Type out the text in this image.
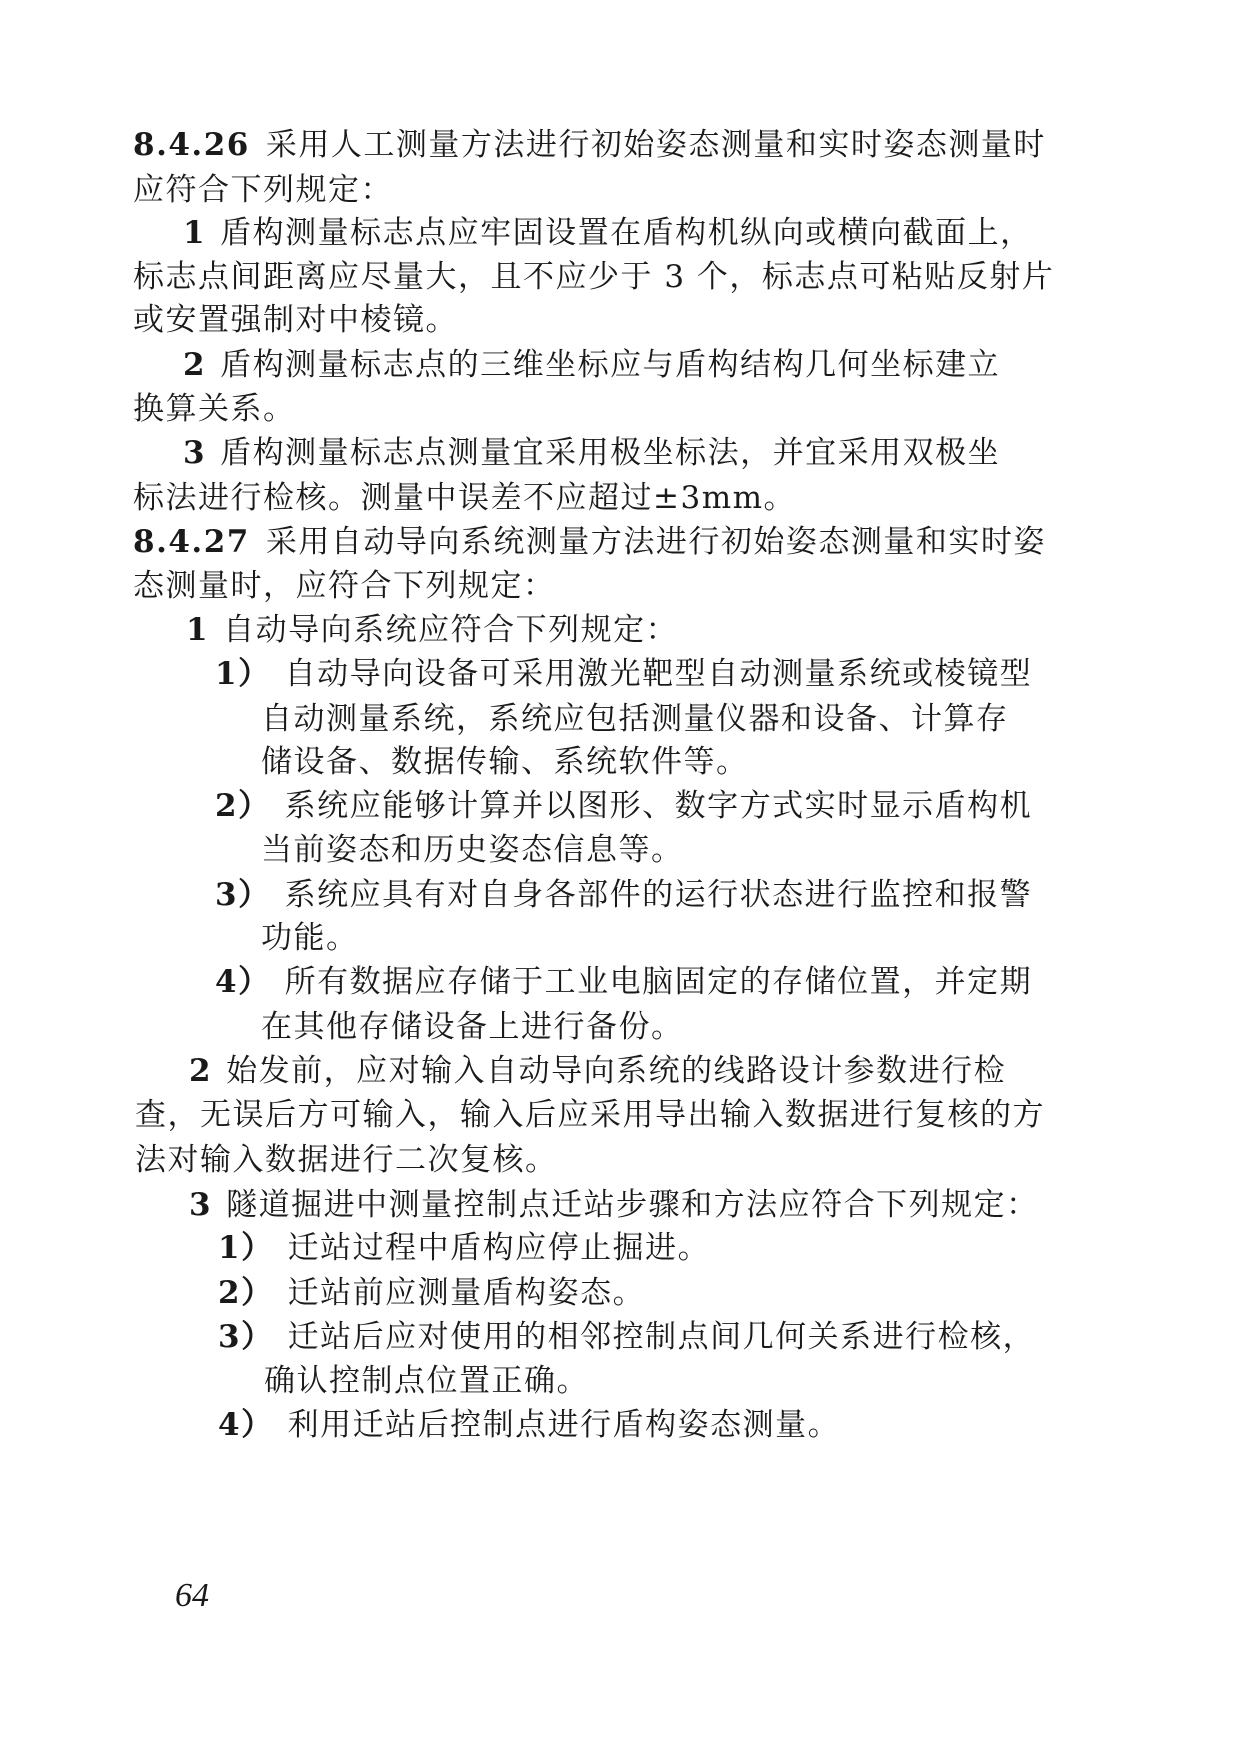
8.4.26 采用人工测量方法进行初始姿态测量和实时姿态测量时
应符合下列规定：
1 盾构测量标志点应牢固设置在盾构机纵向或横向截面上，
标志点间距离应尽量大，且不应少于 3 个，标志点可粘贴反射片
或安置强制对中棱镜。
2 盾构测量标志点的三维坐标应与盾构结构几何坐标建立
换算关系。
3 盾构测量标志点测量宜采用极坐标法，并宜采用双极坐
标法进行检核。测量中误差不应超过±3mm。
8.4.27 采用自动导向系统测量方法进行初始姿态测量和实时姿
态测量时，应符合下列规定：
1 自动导向系统应符合下列规定：
1） 自动导向设备可采用激光靶型自动测量系统或棱镜型
自动测量系统，系统应包括测量仪器和设备、计算存
储设备、数据传输、系统软件等。
2） 系统应能够计算并以图形、数字方式实时显示盾构机
当前姿态和历史姿态信息等。
3） 系统应具有对自身各部件的运行状态进行监控和报警
功能。
4） 所有数据应存储于工业电脑固定的存储位置，并定期
在其他存储设备上进行备份。
2 始发前，应对输入自动导向系统的线路设计参数进行检
查，无误后方可输入，输入后应采用导出输入数据进行复核的方
法对输入数据进行二次复核。
3 隧道掘进中测量控制点迁站步骤和方法应符合下列规定：
1） 迁站过程中盾构应停止掘进。
2） 迁站前应测量盾构姿态。
3） 迁站后应对使用的相邻控制点间几何关系进行检核，
确认控制点位置正确。
4） 利用迁站后控制点进行盾构姿态测量。
64
